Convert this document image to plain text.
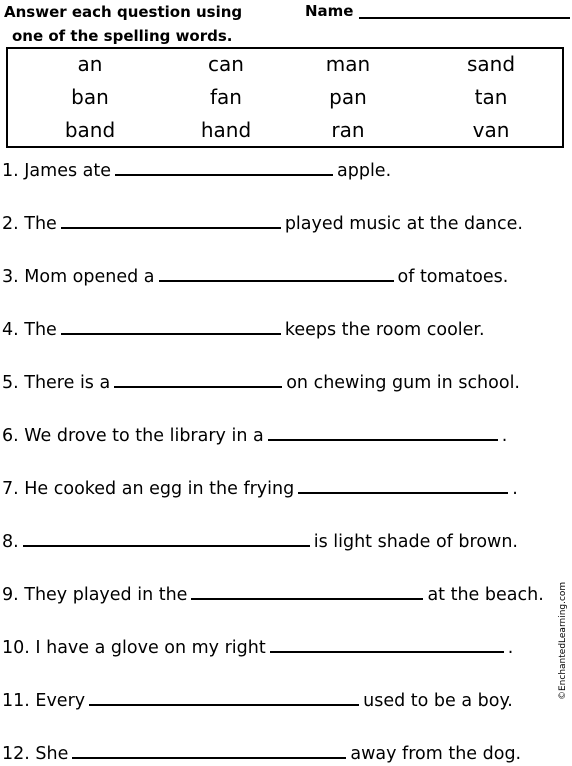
Answer each question using
one of the spelling words.
Name
an	can	man	sand
ban	fan	pan	tan
band	hand	ran	van
1. James ate	apple.
2. The	played music at the dance.
3. Mom opened a	of tomatoes.
4. The	keeps the room cooler.
5. There is a	on chewing gum in school.
6. We drove to the library in a	.
7. He cooked an egg in the frying	.
8.	is light shade of brown.
9. They played in the	at the beach.
10. I have a glove on my right	.
11. Every	used to be a boy.
12. She	away from the dog.
©EnchantedLearning.com
